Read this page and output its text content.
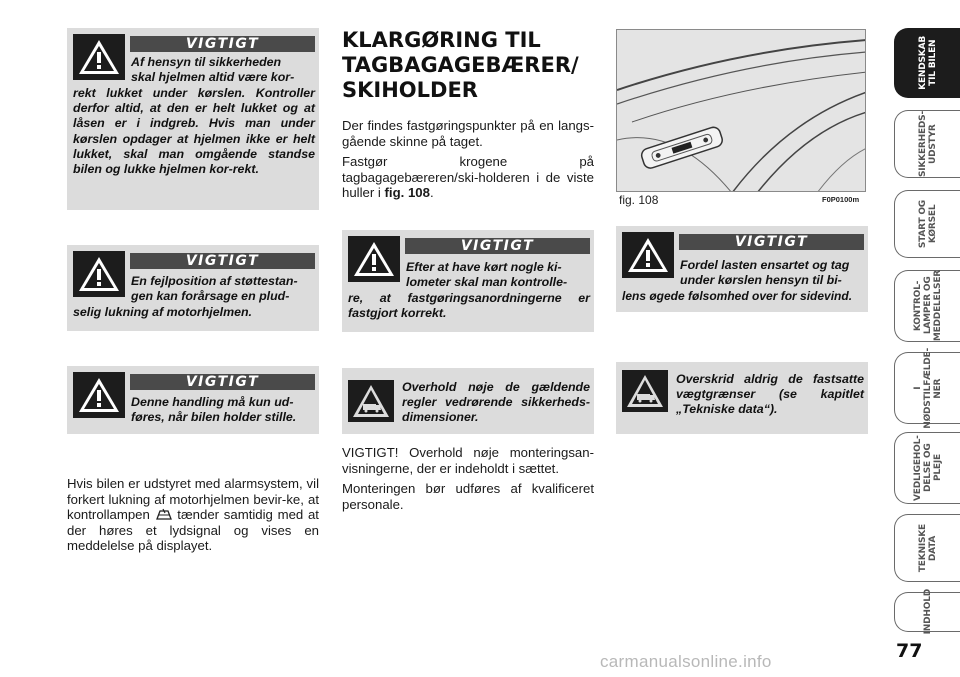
VIGTIGT
Af hensyn til sikkerheden
skal hjelmen altid være kor-
rekt lukket under kørslen. Kontroller derfor altid, at den er helt lukket og at låsen er i indgreb. Hvis man under kørslen opdager at hjelmen ikke er helt lukket, skal man omgående standse bilen og lukke hjelmen kor-rekt.
VIGTIGT
En fejlposition af støttestan-
gen kan forårsage en plud-
selig lukning af motorhjelmen.
VIGTIGT
Denne handling må kun ud-
føres, når bilen holder stille.

Hvis bilen er udstyret med alarmsystem, vil forkert lukning af motorhjelmen bevir-ke, at kontrollampen tænder samtidig med at der høres et lydsignal og vises en meddelelse på displayet.

KLARGØRING TIL TAGBAGAGEBÆRER/ SKIHOLDER

Der findes fastgøringspunkter på en langs-gående skinne på taget.

Fastgør krogene på tagbagagebæreren/ski-holderen i de viste huller i fig. 108.

VIGTIGT
Efter at have kørt nogle ki-
lometer skal man kontrolle-
re, at fastgøringsanordningerne er fastgjort korrekt.
Overhold nøje de gældende regler vedrørende sikkerheds-dimensioner.

VIGTIGT! Overhold nøje monteringsan-visningerne, der er indeholdt i sættet.

Monteringen bør udføres af kvalificeret personale.

fig. 108	F0P0100m
VIGTIGT
Fordel lasten ensartet og tag
under kørslen hensyn til bi-
lens øgede følsomhed over for sidevind.
Overskrid aldrig de fastsatte vægtgrænser (se kapitlet „Tekniske data“).
KENDSKAB
TIL BILEN
SIKKERHEDS-
UDSTYR
START OG
KØRSEL
KONTROL-
LAMPER OG
MEDDELELSER
I
NØDSTILFÆLDE-
NER
VEDLIGEHOL-
DELSE OG PLEJE
TEKNISKE
DATA
INDHOLD
77
carmanualsonline.info
